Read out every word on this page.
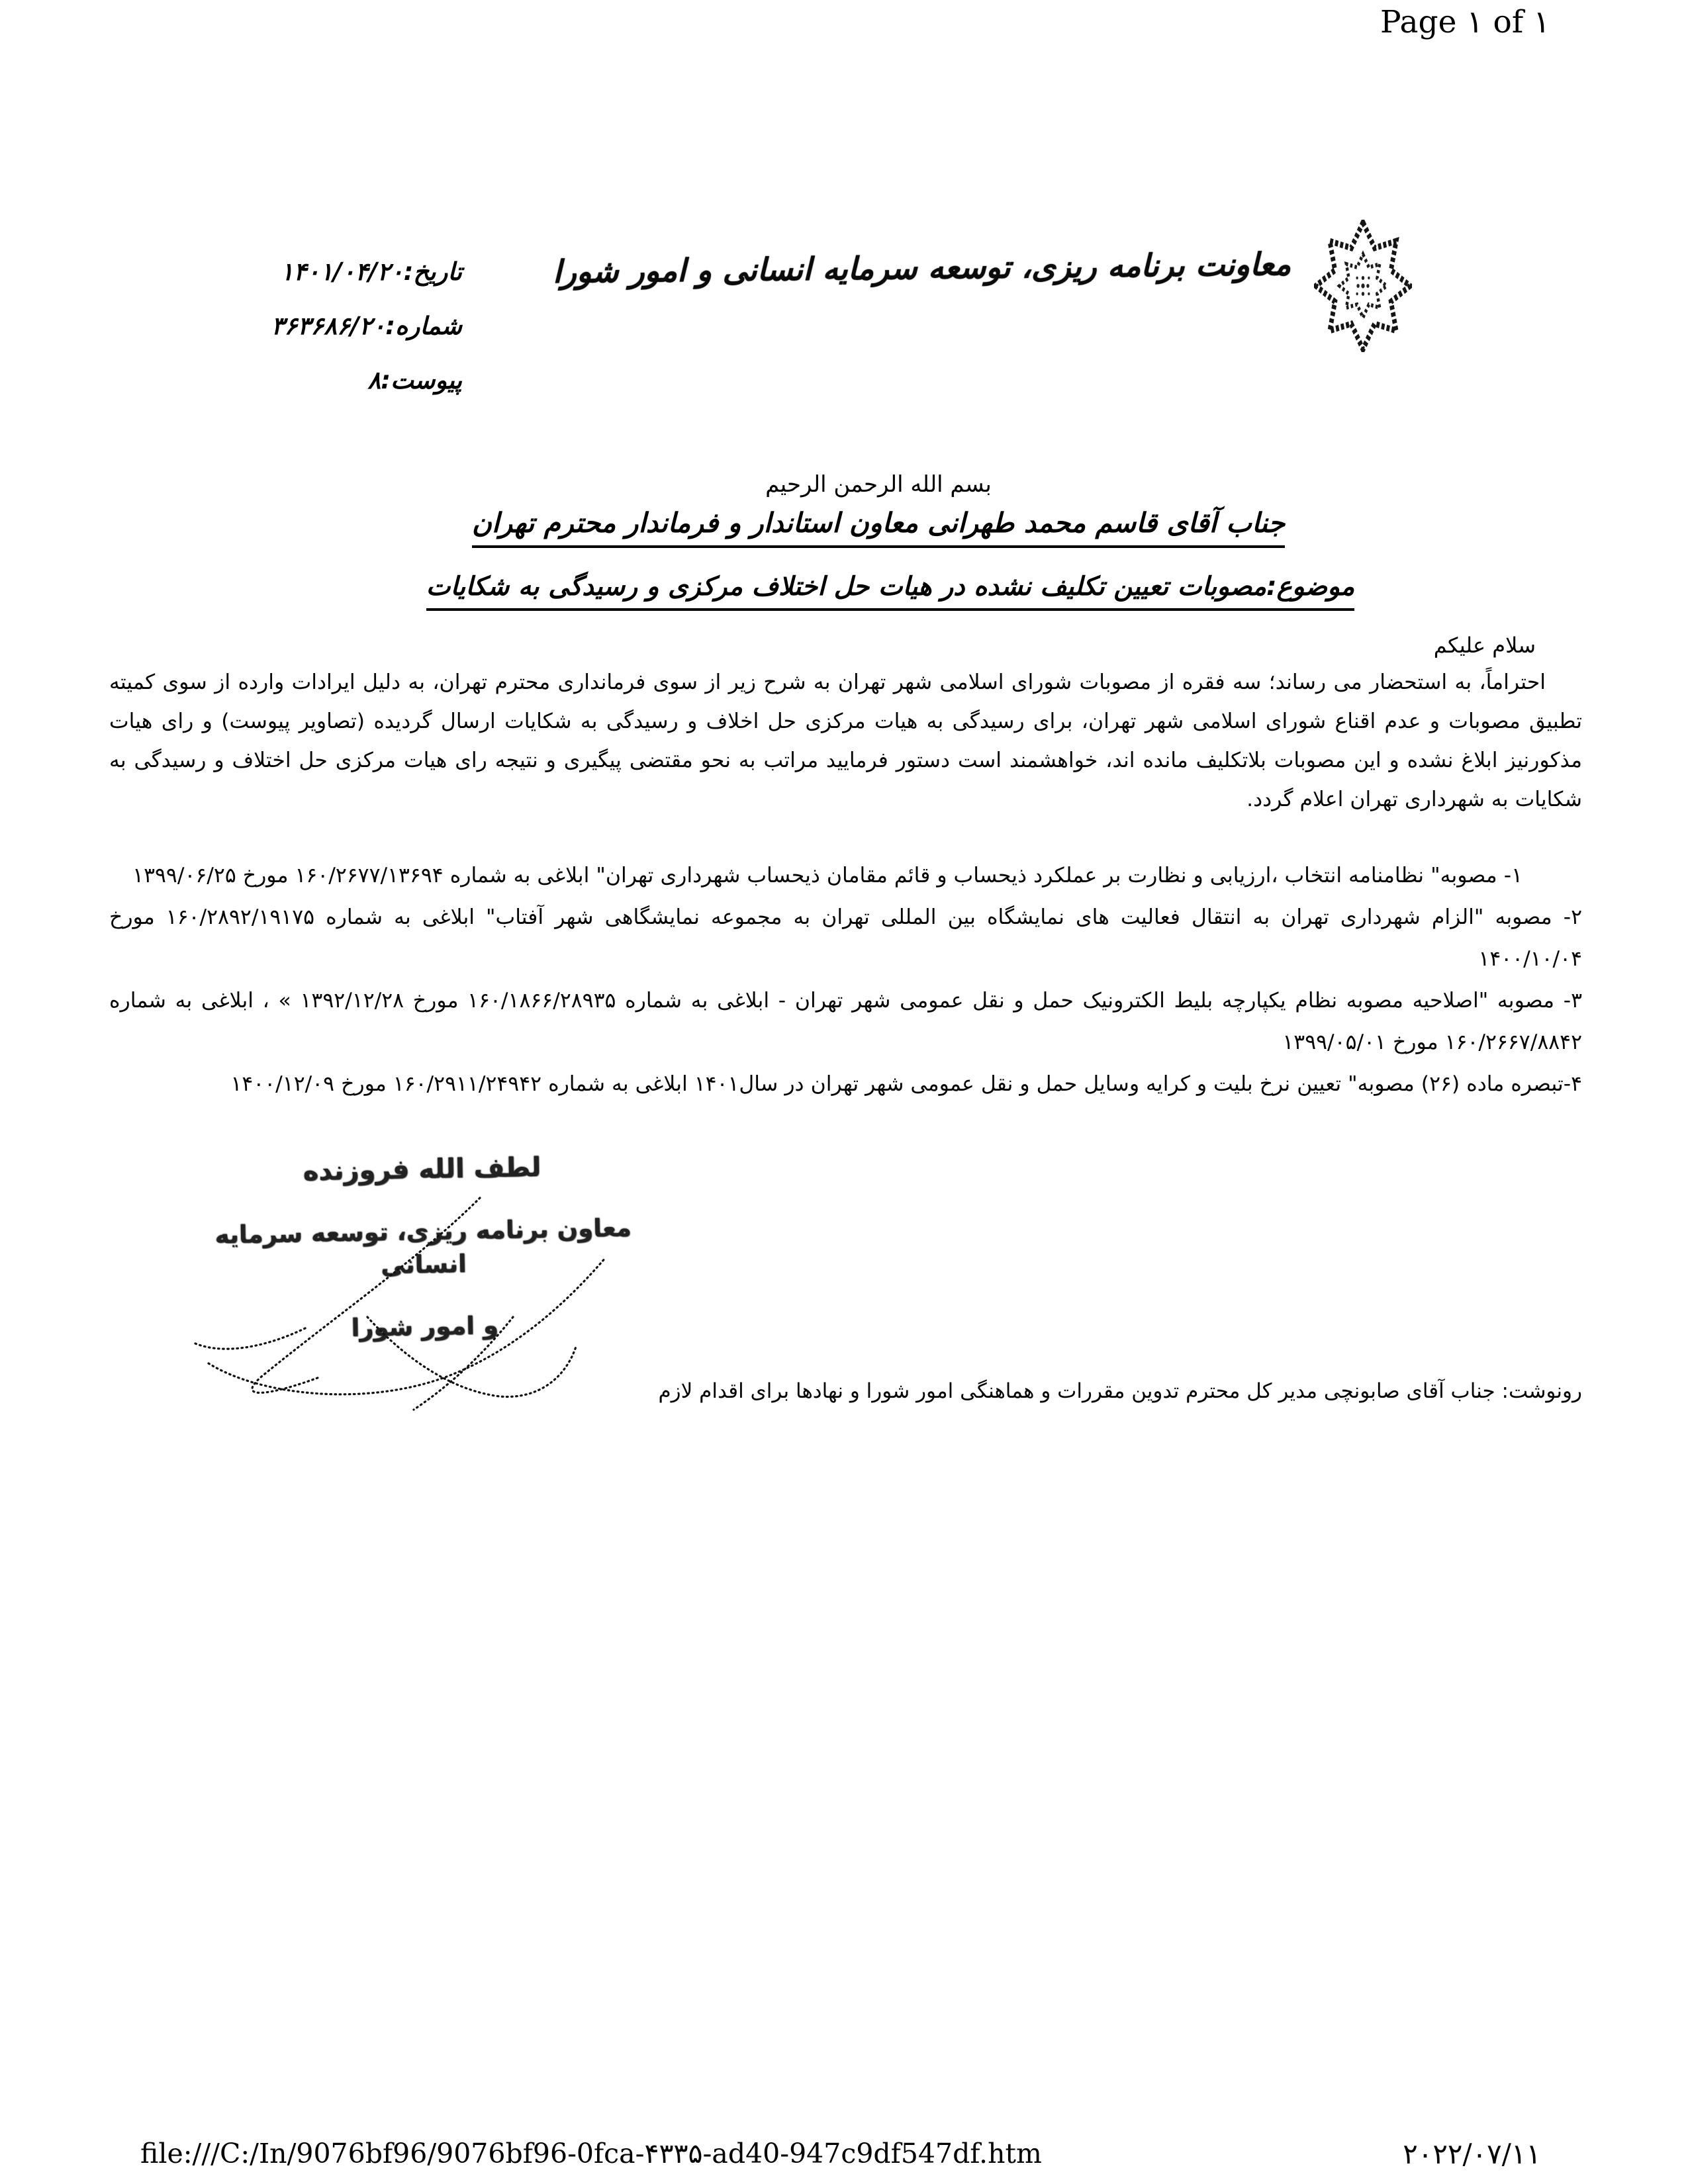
Page ۱ of ۱
معاونت برنامه ریزی، توسعه سرمایه انسانی و امور شورا

تاریخ:۱۴۰۱/۰۴/۲۰

شماره:۳۶۳۶۸۶/۲۰

پیوست:۸

بسم الله الرحمن الرحیم
جناب آقای قاسم محمد طهرانی معاون استاندار و فرماندار محترم تهران
موضوع:مصوبات تعیین تکلیف نشده در هیات حل اختلاف مرکزی و رسیدگی به شکایات
سلام علیکم

احتراماً، به استحضار می رساند؛ سه فقره از مصوبات شورای اسلامی شهر تهران به شرح زیر از سوی فرمانداری محترم تهران، به دلیل ایرادات وارده از سوی کمیته تطبیق مصوبات و عدم اقناع شورای اسلامی شهر تهران، برای رسیدگی به هیات مرکزی حل اخلاف و رسیدگی به شکایات ارسال گردیده (تصاویر پیوست) و رای هیات مذکورنیز ابلاغ نشده و این مصوبات بلاتکلیف مانده اند، خواهشمند است دستور فرمایید مراتب به نحو مقتضی پیگیری و نتیجه رای هیات مرکزی حل اختلاف و رسیدگی به شکایات به شهرداری تهران اعلام گردد.

۱- مصوبه" نظامنامه انتخاب ،ارزیابی و نظارت بر عملکرد ذیحساب و قائم مقامان ذیحساب شهرداری تهران" ابلاغی به شماره ۱۶۰/۲۶۷۷/۱۳۶۹۴ مورخ ۱۳۹۹/۰۶/۲۵

۲- مصوبه "الزام شهرداری تهران به انتقال فعالیت های نمایشگاه بین المللی تهران به مجموعه نمایشگاهی شهر آفتاب" ابلاغی به شماره ۱۶۰/۲۸۹۲/۱۹۱۷۵ مورخ ۱۴۰۰/۱۰/۰۴

۳- مصوبه "اصلاحیه مصوبه نظام یکپارچه بلیط الکترونیک حمل و نقل عمومی شهر تهران - ابلاغی به شماره ۱۶۰/۱۸۶۶/۲۸۹۳۵ مورخ ۱۳۹۲/۱۲/۲۸ » ، ابلاغی به شماره ۱۶۰/۲۶۶۷/۸۸۴۲ مورخ ۱۳۹۹/۰۵/۰۱

۴-تبصره ماده (۲۶) مصوبه" تعیین نرخ بلیت و کرایه وسایل حمل و نقل عمومی شهر تهران در سال۱۴۰۱ ابلاغی به شماره ۱۶۰/۲۹۱۱/۲۴۹۴۲ مورخ ۱۴۰۰/۱۲/۰۹

لطف الله فروزنده

معاون برنامه ریزی، توسعه سرمایه انسانی

و امور شورا

رونوشت: جناب آقای صابونچی مدیر کل محترم تدوین مقررات و هماهنگی امور شورا و نهادها برای اقدام لازم

file:///C:/In/9076bf96/9076bf96-0fca-۴۳۳۵-ad40-947c9df547df.htm	۲۰۲۲/۰۷/۱۱
